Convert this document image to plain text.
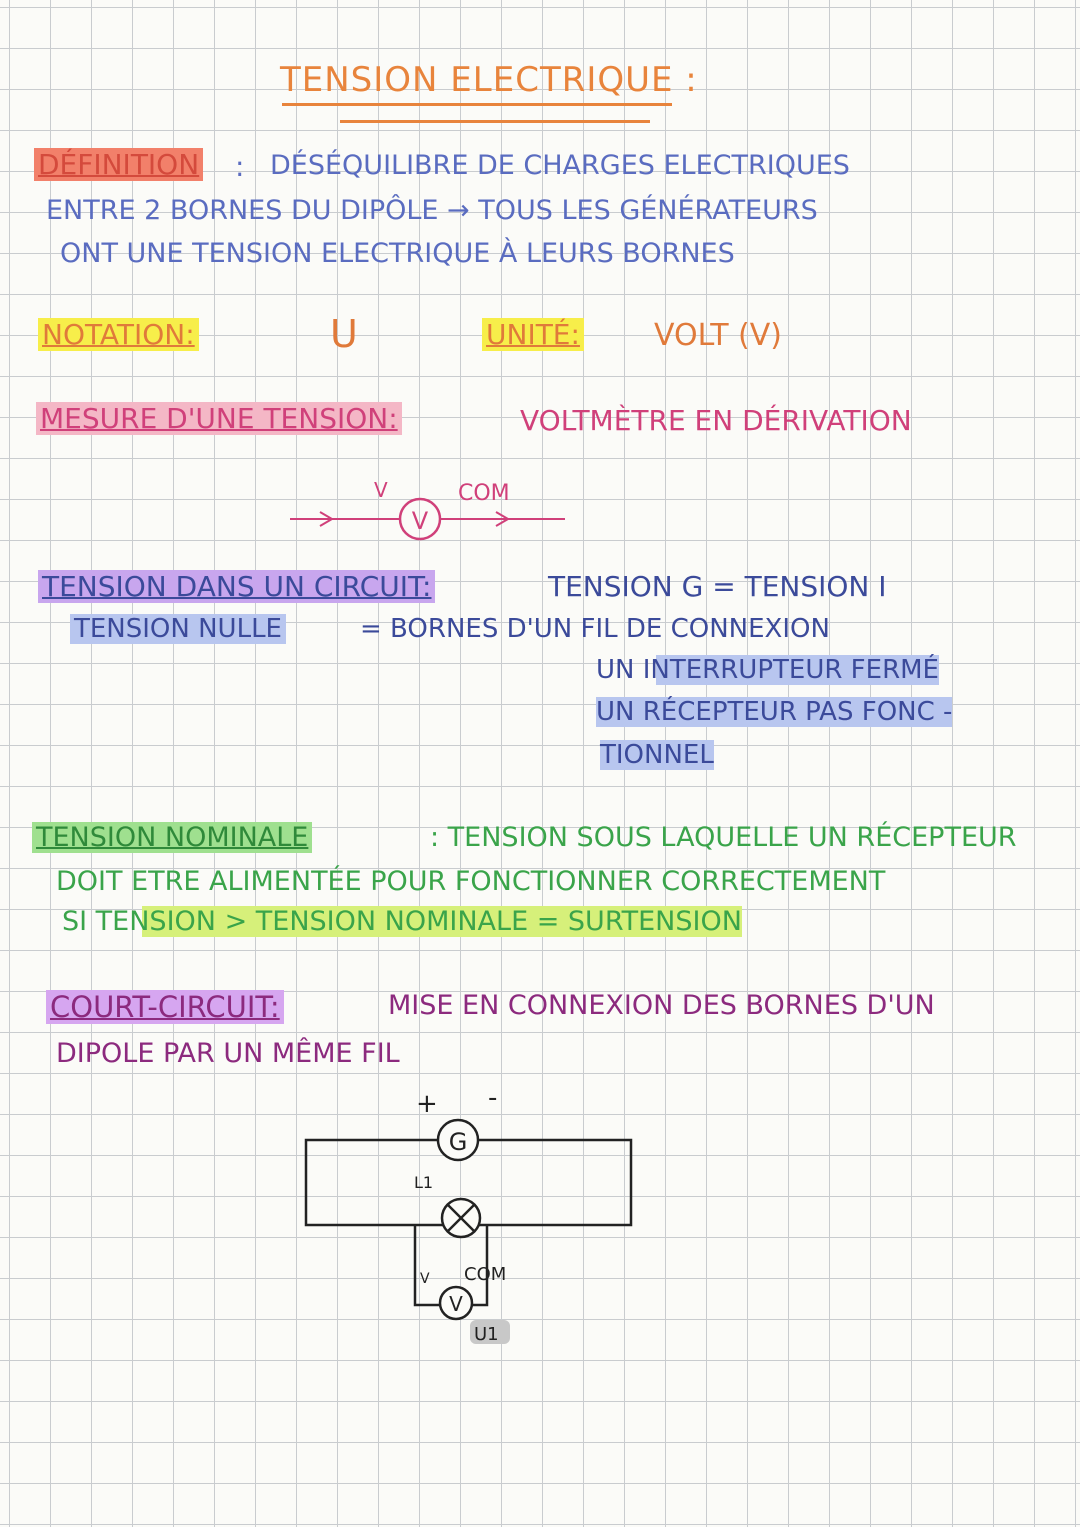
TENSION ELECTRIQUE :
DÉFINITION : DÉSÉQUILIBRE DE CHARGES ELECTRIQUES
ENTRE 2 BORNES DU DIPÔLE → TOUS LES GÉNÉRATEURS
ONT UNE TENSION ELECTRIQUE À LEURS BORNES
NOTATION:	U	UNITÉ: VOLT (V)
MESURE D'UNE TENSION:	VOLTMÈTRE EN DÉRIVATION
TENSION DANS UN CIRCUIT:	TENSION G = TENSION I
TENSION NULLE	= BORNES D'UN FIL DE CONNEXION
UN INTERRUPTEUR FERMÉ
UN RÉCEPTEUR PAS FONC -
TIONNEL
TENSION NOMINALE	: TENSION SOUS LAQUELLE UN RÉCEPTEUR
DOIT ETRE ALIMENTÉE POUR FONCTIONNER CORRECTEMENT
SI TENSION > TENSION NOMINALE = SURTENSION
COURT-CIRCUIT:	MISE EN CONNEXION DES BORNES D'UN
DIPOLE PAR UN MÊME FIL
V
V	COM
G
+ -
L1
V
V COM
U1
